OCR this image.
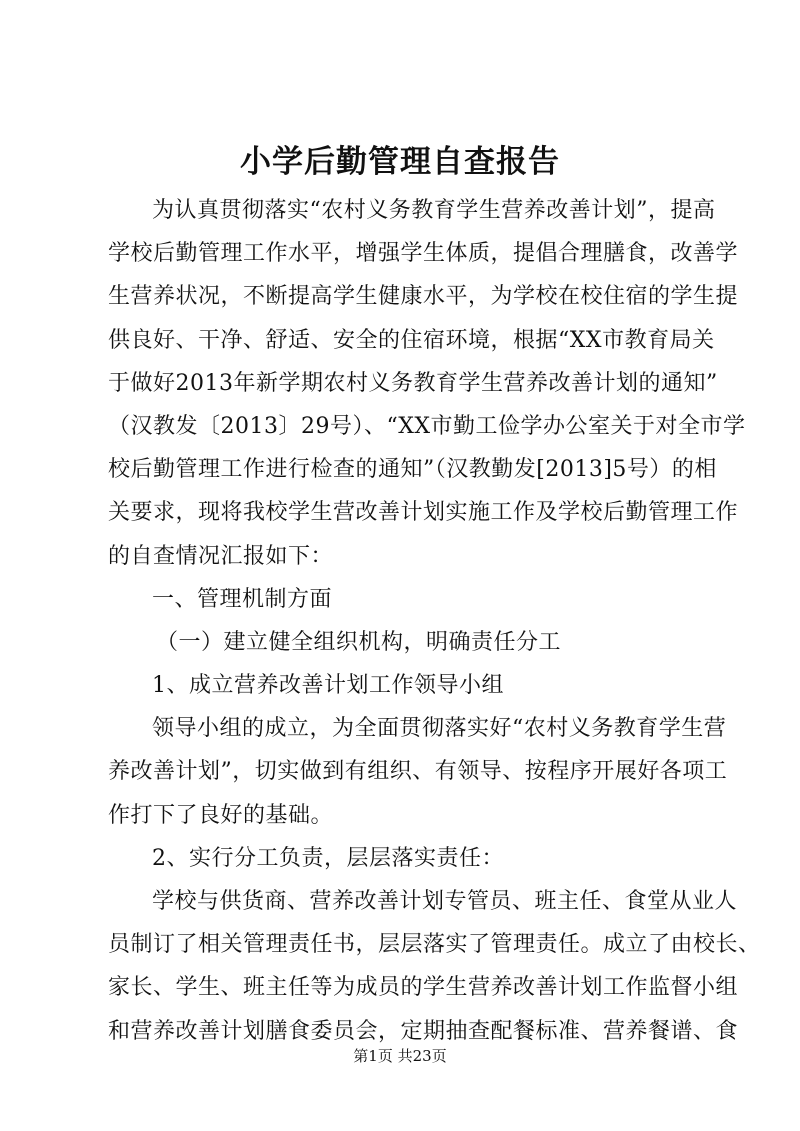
小学后勤管理自查报告
为认真贯彻落实“农村义务教育学生营养改善计划”，提高
学校后勤管理工作水平，增强学生体质，提倡合理膳食，改善学
生营养状况，不断提高学生健康水平，为学校在校住宿的学生提
供良好、干净、舒适、安全的住宿环境，根据“XX市教育局关
于做好2013年新学期农村义务教育学生营养改善计划的通知”
（汉教发〔2013〕29号）、“XX市勤工俭学办公室关于对全市学
校后勤管理工作进行检查的通知”（汉教勤发[2013]5号）的相
关要求，现将我校学生营改善计划实施工作及学校后勤管理工作
的自查情况汇报如下：
一、管理机制方面
（一）建立健全组织机构，明确责任分工
1、成立营养改善计划工作领导小组
领导小组的成立，为全面贯彻落实好“农村义务教育学生营
养改善计划”，切实做到有组织、有领导、按程序开展好各项工
作打下了良好的基础。
2、实行分工负责，层层落实责任：
学校与供货商、营养改善计划专管员、班主任、食堂从业人
员制订了相关管理责任书，层层落实了管理责任。成立了由校长、
家长、学生、班主任等为成员的学生营养改善计划工作监督小组
和营养改善计划膳食委员会，定期抽查配餐标准、营养餐谱、食
第1页 共23页
